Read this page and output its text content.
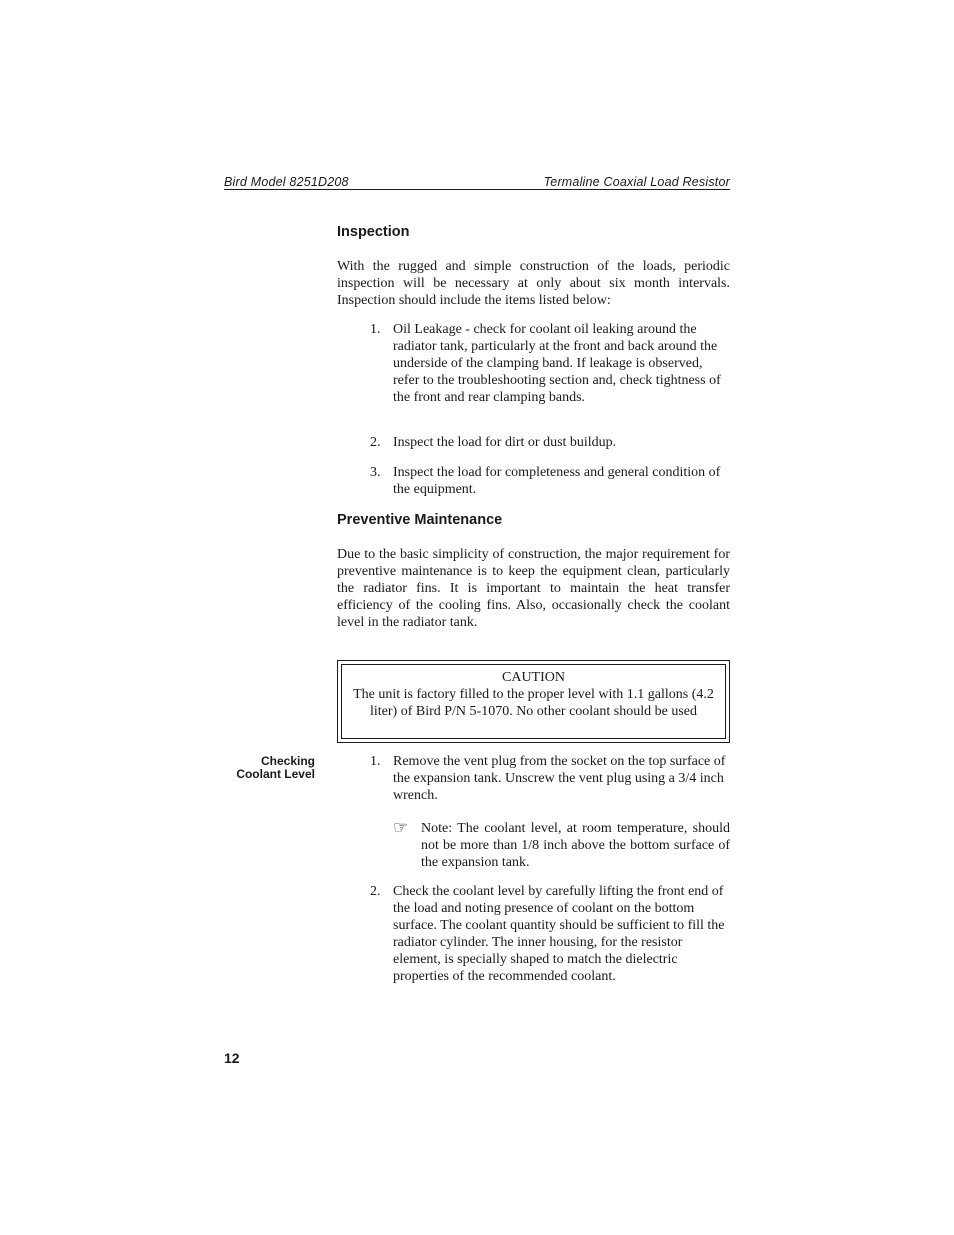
Bird Model 8251D208	Termaline Coaxial Load Resistor
Inspection
With the rugged and simple construction of the loads, periodic inspection will be necessary at only about six month intervals. Inspection should include the items listed below:
1. Oil Leakage - check for coolant oil leaking around the radiator tank, particularly at the front and back around the underside of the clamping band. If leakage is observed, refer to the troubleshooting section and, check tightness of the front and rear clamping bands.
2. Inspect the load for dirt or dust buildup.
3. Inspect the load for completeness and general condition of the equipment.
Preventive Maintenance
Due to the basic simplicity of construction, the major requirement for preventive maintenance is to keep the equipment clean, particularly the radiator fins. It is important to maintain the heat transfer efficiency of the cooling fins. Also, occasionally check the coolant level in the radiator tank.
CAUTION
The unit is factory filled to the proper level with 1.1 gallons (4.2 liter) of Bird P/N 5-1070. No other coolant should be used
Checking
Coolant Level
1. Remove the vent plug from the socket on the top surface of the expansion tank. Unscrew the vent plug using a 3/4 inch wrench.
☞ Note: The coolant level, at room temperature, should not be more than 1/8 inch above the bottom surface of the expansion tank.
2. Check the coolant level by carefully lifting the front end of the load and noting presence of coolant on the bottom surface. The coolant quantity should be sufficient to fill the radiator cylinder. The inner housing, for the resistor element, is specially shaped to match the dielectric properties of the recommended coolant.
12
